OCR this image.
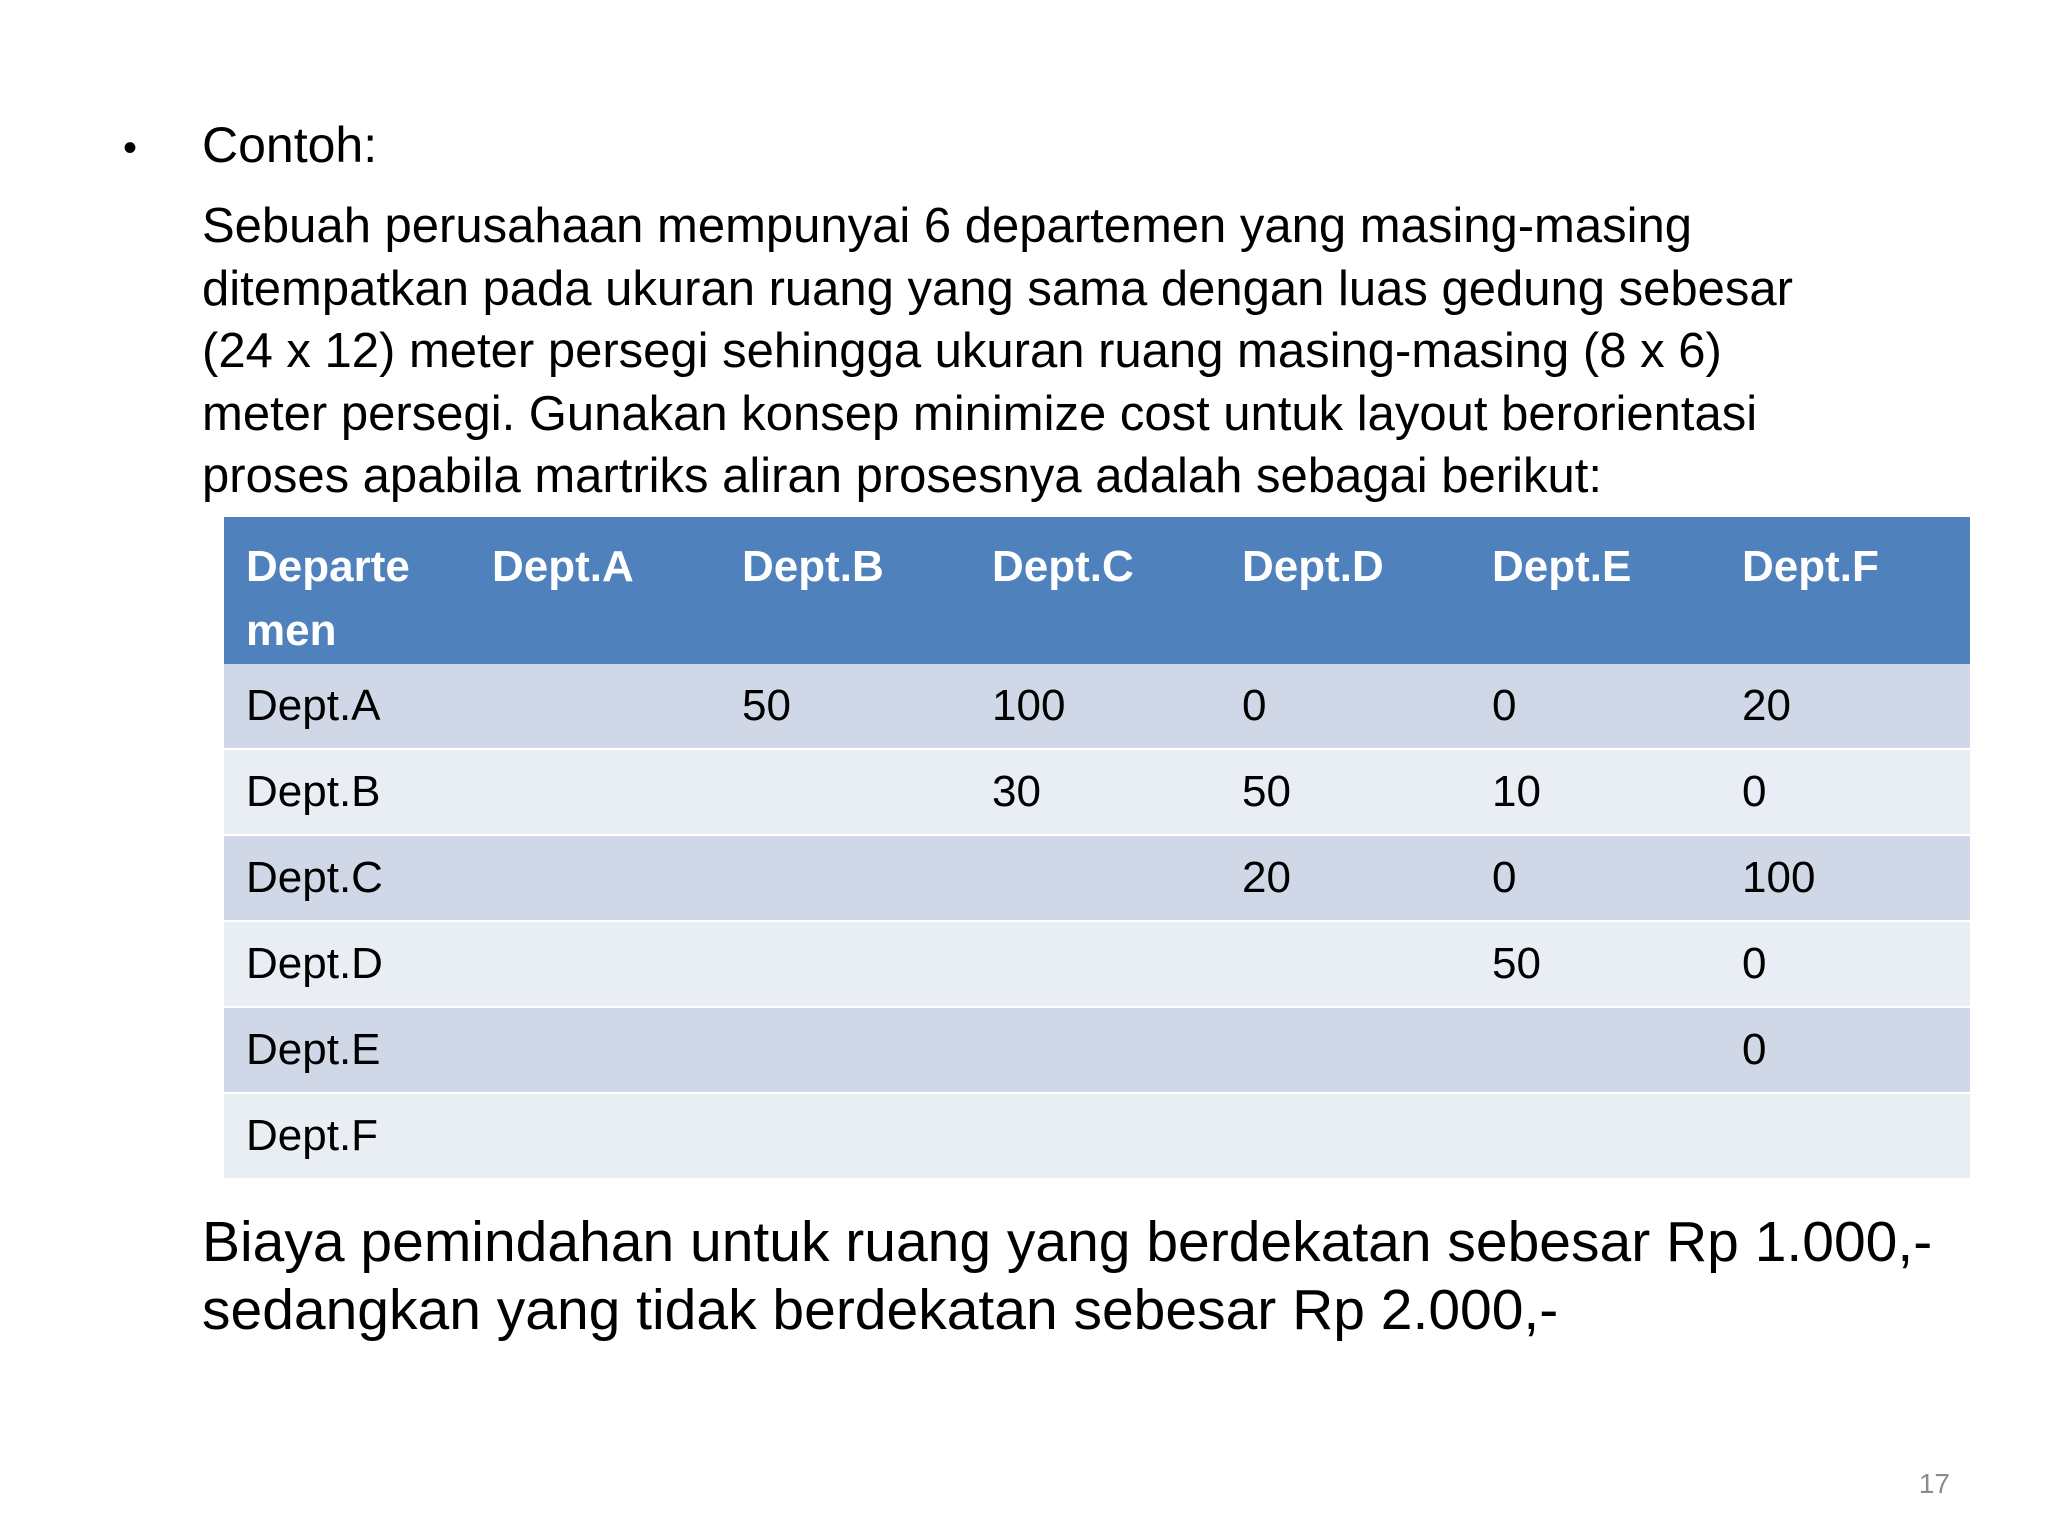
• Contoh:
Sebuah perusahaan mempunyai 6 departemen yang masing-masing
ditempatkan pada ukuran ruang yang sama dengan luas gedung sebesar
(24 x 12) meter persegi sehingga ukuran ruang masing-masing (8 x 6)
meter persegi. Gunakan konsep minimize cost untuk layout berorientasi
proses apabila martriks aliran prosesnya adalah sebagai berikut:
Departe men	Dept.A	Dept.B	Dept.C	Dept.D	Dept.E	Dept.F
Dept.A		50	100	0	0	20
Dept.B			30	50	10	0
Dept.C				20	0	100
Dept.D					50	0
Dept.E						0
Dept.F						
Biaya pemindahan untuk ruang yang berdekatan sebesar Rp 1.000,-
sedangkan yang tidak berdekatan sebesar Rp 2.000,-
17
